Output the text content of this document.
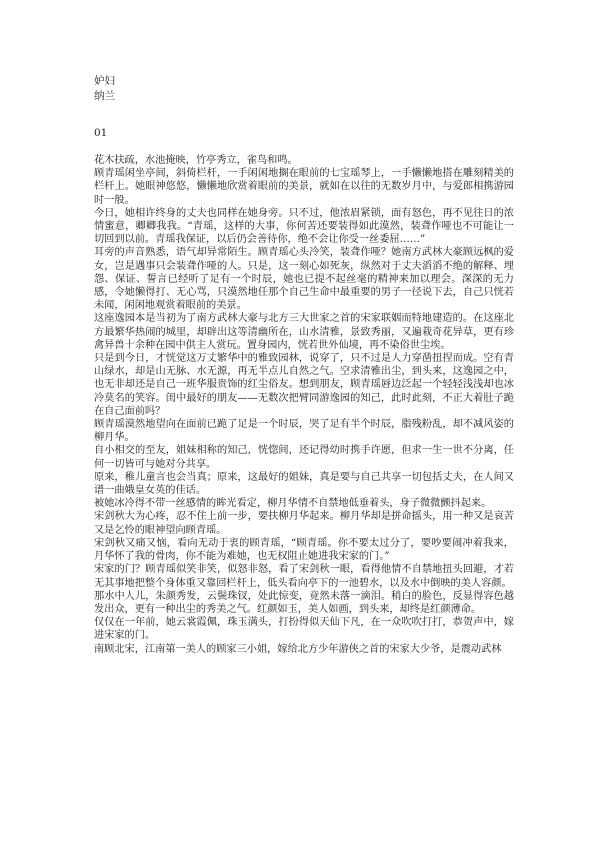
妒妇
纳兰
01

花木扶疏，水池掩映，竹亭秀立，雀鸟和鸣。

顾青瑶闲坐亭间，斜倚栏杆，一手闲闲地搁在眼前的七宝瑶琴上，一手懒懒地搭在雕刻精美的栏杆上。她眼神悠悠，懒懒地欣赏着眼前的美景，就如在以往的无数岁月中，与爱郎相携游园时一般。

今日，她相许终身的丈夫也同样在她身旁。只不过，他浓眉紧锁，面有怒色，再不见往日的浓情蜜意，卿卿我我。“青瑶，这样的大事，你何苦还要装得如此漠然，装聋作哑也不可能让一切回到以前。青瑶我保证，以后仍会善待你，绝不会让你受一丝委屈……”

耳旁的声音熟悉，语气却异常陌生。顾青瑶心头冷笑，装聋作哑？她南方武林大豪顾远枫的爱女，岂是遇事只会装聋作哑的人。只是，这一刻心如死灰，纵然对于丈夫滔滔不绝的解释、埋怨、保证、誓言已经听了足有一个时辰，她也已提不起丝毫的精神来加以理会。深深的无力感，令她懒得打、无心骂，只漠然地任那个自己生命中最重要的男子一径说下去，自己只恍若未闻，闲闲地观赏着眼前的美景。

这座逸园本是当初为了南方武林大豪与北方三大世家之首的宋家联姻而特地建造的。在这座北方最繁华热闹的城里，却辟出这等清幽所在，山水清雅，景致秀丽，又遍栽奇花异草，更有珍禽异兽十余种在园中供主人赏玩。置身园内，恍若世外仙境，再不染俗世尘埃。

只是到今日，才恍觉这万丈繁华中的雅致园林，说穿了，只不过是人力穿凿扭捏而成。空有青山绿水，却是山无脉、水无源，再无半点儿自然之气。空求清雅出尘，到头来，这逸园之中，也无非却还是自己一班华服贵饰的红尘俗友。想到朋友，顾青瑶唇边泛起一个轻轻浅浅却也冰冷莫名的笑容。闺中最好的朋友——无数次把臂同游逸园的知己，此时此刻，不正大着肚子跪在自己面前吗？

顾青瑶漠然地望向在面前已跪了足是一个时辰，哭了足有半个时辰，脂残粉乱，却不减风姿的柳月华。

自小相交的至友，姐妹相称的知己，恍惚间，还记得幼时携手许愿，但求一生一世不分离，任何一切皆可与她对分共享。

原来，稚儿童言也会当真；原来，这最好的姐妹，真是要与自己共享一切包括丈夫，在人间又谱一曲娥皇女英的佳话。

被她冰冷得不带一丝感情的眸光看定，柳月华情不自禁地低垂着头，身子微微颤抖起来。

宋剑秋大为心疼，忍不住上前一步，要扶柳月华起来。柳月华却是拼命摇头，用一种又是哀苦又是乞怜的眼神望向顾青瑶。

宋剑秋又痛又恼，看向无动于衷的顾青瑶，“顾青瑶。你不要太过分了，要吵要闹冲着我来，月华怀了我的骨肉，你不能为难她，也无权阻止她进我宋家的门。”

宋家的门？顾青瑶似笑非笑，似怒非怒，看了宋剑秋一眼，看得他情不自禁地扭头回避，才若无其事地把整个身体重又靠回栏杆上，低头看向亭下的一池碧水，以及水中倒映的美人容颜。

那水中人儿，朱颜秀发，云鬓珠钗，处此惊变，竟然未落一滴泪。稍白的脸色，反显得容色越发出众，更有一种出尘的秀美之气。红颜如玉，美人如画，到头来，却终是红颜薄命。

仅仅在一年前，她云裳霞佩，珠玉满头，打扮得似天仙下凡，在一众吹吹打打，恭贺声中，嫁进宋家的门。

南顾北宋，江南第一美人的顾家三小姐，嫁给北方少年游侠之首的宋家大少爷，是震动武林
